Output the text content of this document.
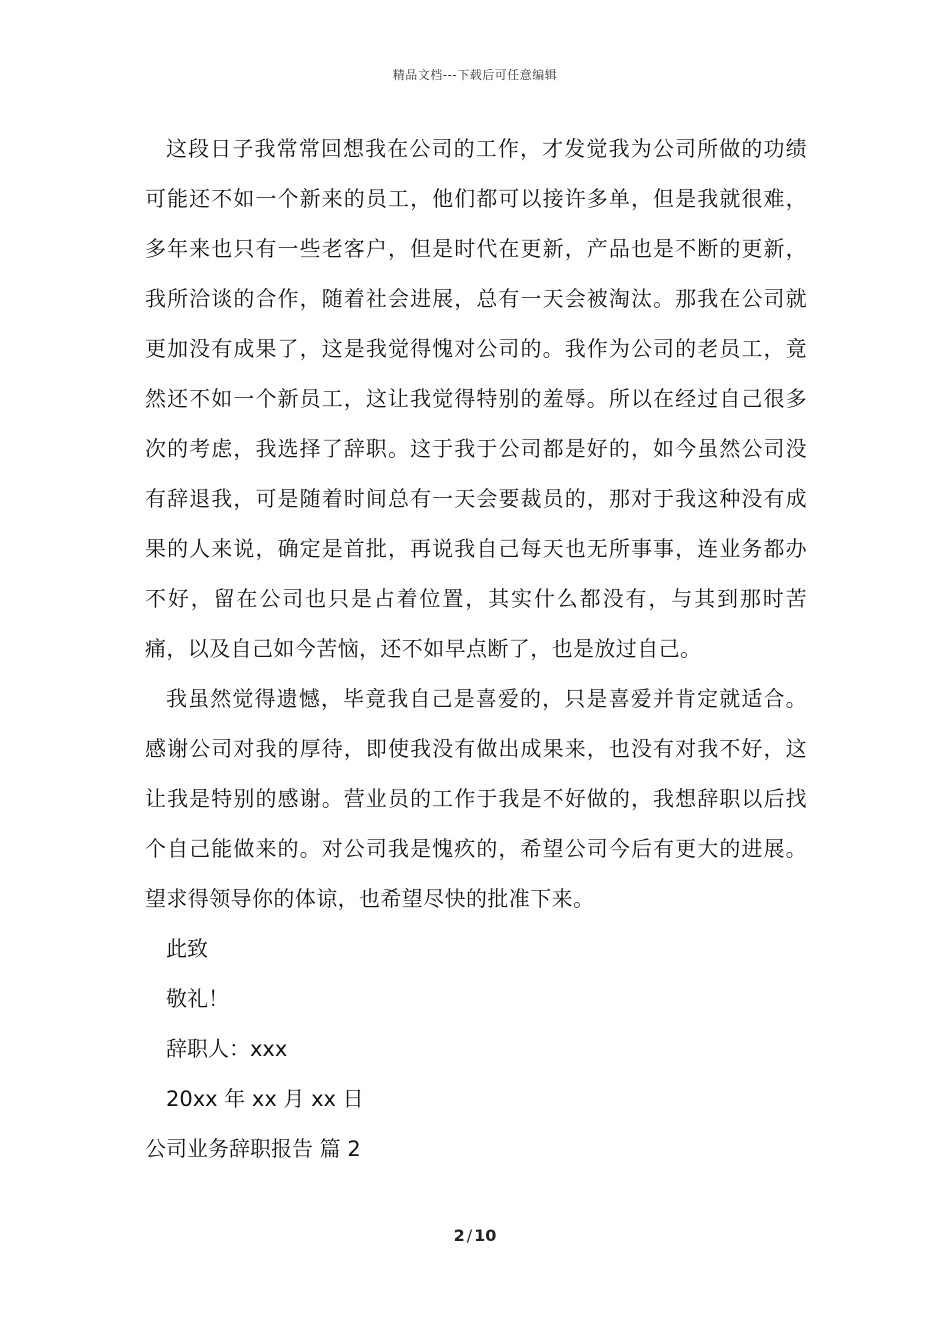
精品文档---下载后可任意编辑

这段日子我常常回想我在公司的工作，才发觉我为公司所做的功绩可能还不如一个新来的员工，他们都可以接许多单，但是我就很难，多年来也只有一些老客户，但是时代在更新，产品也是不断的更新，我所洽谈的合作，随着社会进展，总有一天会被淘汰。那我在公司就更加没有成果了，这是我觉得愧对公司的。我作为公司的老员工，竟然还不如一个新员工，这让我觉得特别的羞辱。所以在经过自己很多次的考虑，我选择了辞职。这于我于公司都是好的，如今虽然公司没有辞退我，可是随着时间总有一天会要裁员的，那对于我这种没有成果的人来说，确定是首批，再说我自己每天也无所事事，连业务都办不好，留在公司也只是占着位置，其实什么都没有，与其到那时苦痛，以及自己如今苦恼，还不如早点断了，也是放过自己。

我虽然觉得遗憾，毕竟我自己是喜爱的，只是喜爱并肯定就适合。感谢公司对我的厚待，即使我没有做出成果来，也没有对我不好，这让我是特别的感谢。营业员的工作于我是不好做的，我想辞职以后找个自己能做来的。对公司我是愧疚的，希望公司今后有更大的进展。望求得领导你的体谅，也希望尽快的批准下来。

此致

敬礼！

辞职人：xxx

20xx 年 xx 月 xx 日

公司业务辞职报告 篇 2

2 / 10
